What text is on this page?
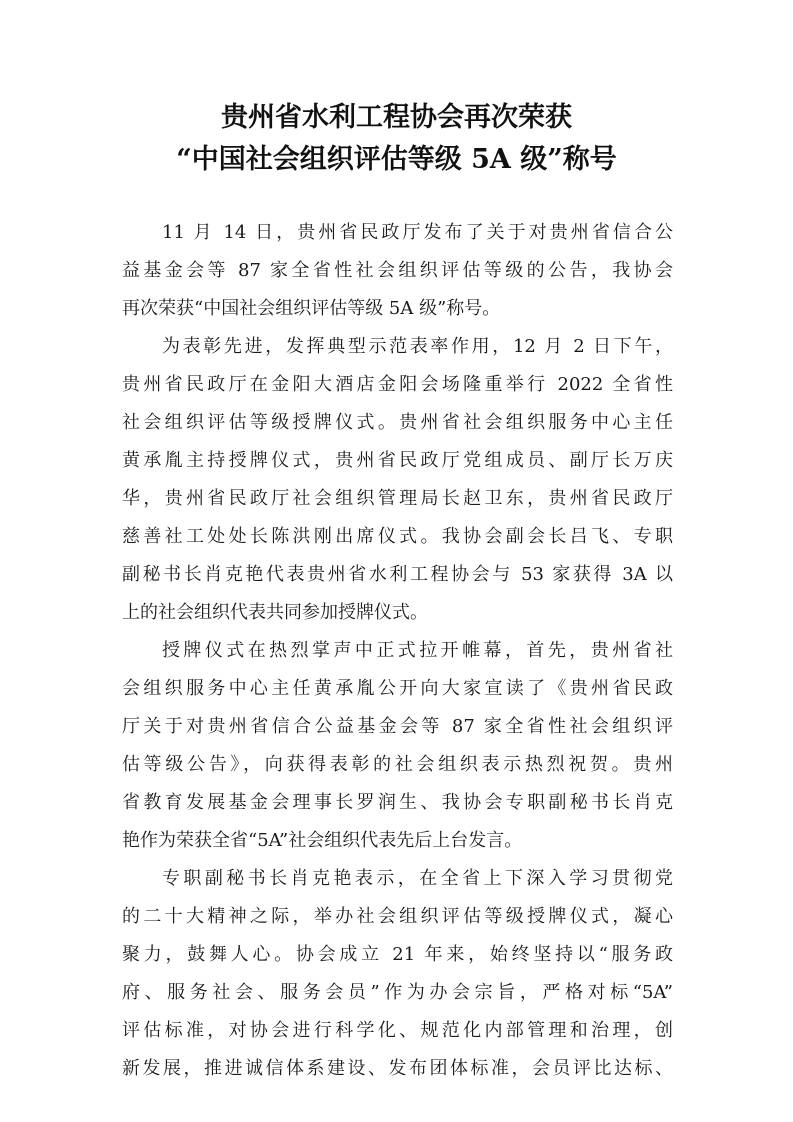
贵州省水利工程协会再次荣获
“中国社会组织评估等级 5A 级”称号
11 月 14 日，贵州省民政厅发布了关于对贵州省信合公
益基金会等 87 家全省性社会组织评估等级的公告，我协会
再次荣获“中国社会组织评估等级 5A 级”称号。
为表彰先进，发挥典型示范表率作用，12 月 2 日下午，
贵州省民政厅在金阳大酒店金阳会场隆重举行 2022 全省性
社会组织评估等级授牌仪式。贵州省社会组织服务中心主任
黄承胤主持授牌仪式，贵州省民政厅党组成员、副厅长万庆
华，贵州省民政厅社会组织管理局长赵卫东，贵州省民政厅
慈善社工处处长陈洪刚出席仪式。我协会副会长吕飞、专职
副秘书长肖克艳代表贵州省水利工程协会与 53 家获得 3A 以
上的社会组织代表共同参加授牌仪式。
授牌仪式在热烈掌声中正式拉开帷幕，首先，贵州省社
会组织服务中心主任黄承胤公开向大家宣读了《贵州省民政
厅关于对贵州省信合公益基金会等 87 家全省性社会组织评
估等级公告》，向获得表彰的社会组织表示热烈祝贺。贵州
省教育发展基金会理事长罗润生、我协会专职副秘书长肖克
艳作为荣获全省“5A”社会组织代表先后上台发言。
专职副秘书长肖克艳表示，在全省上下深入学习贯彻党
的二十大精神之际，举办社会组织评估等级授牌仪式，凝心
聚力，鼓舞人心。协会成立 21 年来，始终坚持以“服务政
府、服务社会、服务会员”作为办会宗旨，严格对标“5A”
评估标准，对协会进行科学化、规范化内部管理和治理，创
新发展，推进诚信体系建设、发布团体标准，会员评比达标、
